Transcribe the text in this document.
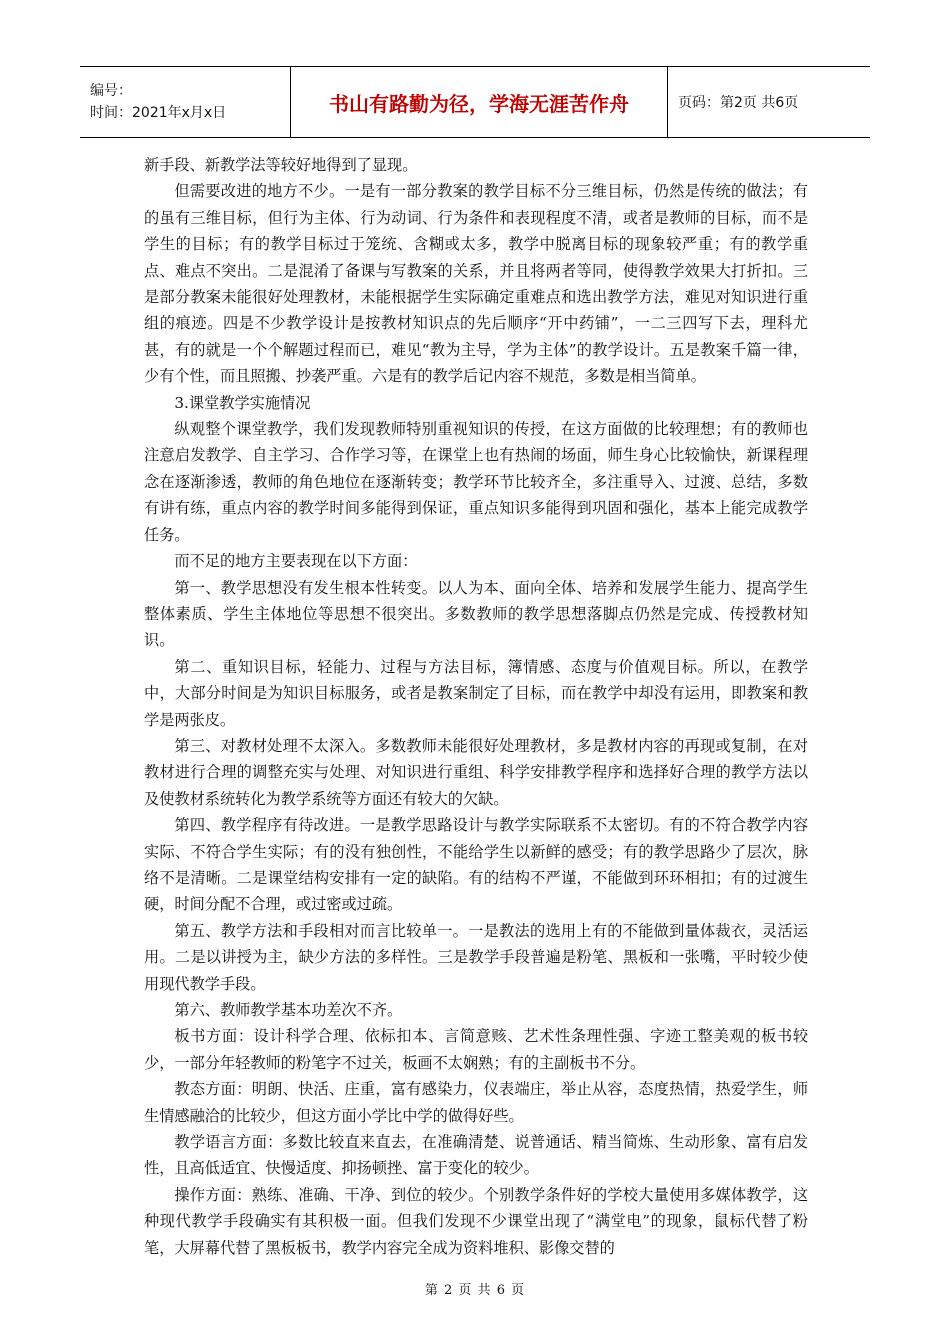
编号：
时间：2021年x月x日	书山有路勤为径，学海无涯苦作舟	页码：第2页 共6页

新手段、新教学法等较好地得到了显现。

但需要改进的地方不少。一是有一部分教案的教学目标不分三维目标，仍然是传统的做法；有的虽有三维目标，但行为主体、行为动词、行为条件和表现程度不清，或者是教师的目标，而不是学生的目标；有的教学目标过于笼统、含糊或太多，教学中脱离目标的现象较严重；有的教学重点、难点不突出。二是混淆了备课与写教案的关系，并且将两者等同，使得教学效果大打折扣。三是部分教案未能很好处理教材，未能根据学生实际确定重难点和选出教学方法，难见对知识进行重组的痕迹。四是不少教学设计是按教材知识点的先后顺序“开中药铺”，一二三四写下去，理科尤甚，有的就是一个个解题过程而已，难见“教为主导，学为主体”的教学设计。五是教案千篇一律，少有个性，而且照搬、抄袭严重。六是有的教学后记内容不规范，多数是相当简单。

3.课堂教学实施情况

纵观整个课堂教学，我们发现教师特别重视知识的传授，在这方面做的比较理想；有的教师也注意启发教学、自主学习、合作学习等，在课堂上也有热闹的场面，师生身心比较愉快，新课程理念在逐渐渗透，教师的角色地位在逐渐转变；教学环节比较齐全，多注重导入、过渡、总结，多数有讲有练，重点内容的教学时间多能得到保证，重点知识多能得到巩固和强化，基本上能完成教学任务。

而不足的地方主要表现在以下方面：

第一、教学思想没有发生根本性转变。以人为本、面向全体、培养和发展学生能力、提高学生整体素质、学生主体地位等思想不很突出。多数教师的教学思想落脚点仍然是完成、传授教材知识。

第二、重知识目标，轻能力、过程与方法目标，簿情感、态度与价值观目标。所以，在教学中，大部分时间是为知识目标服务，或者是教案制定了目标，而在教学中却没有运用，即教案和教学是两张皮。

第三、对教材处理不太深入。多数教师未能很好处理教材，多是教材内容的再现或复制，在对教材进行合理的调整充实与处理、对知识进行重组、科学安排教学程序和选择好合理的教学方法以及使教材系统转化为教学系统等方面还有较大的欠缺。

第四、教学程序有待改进。一是教学思路设计与教学实际联系不太密切。有的不符合教学内容实际、不符合学生实际；有的没有独创性，不能给学生以新鲜的感受；有的教学思路少了层次，脉络不是清晰。二是课堂结构安排有一定的缺陷。有的结构不严谨，不能做到环环相扣；有的过渡生硬，时间分配不合理，或过密或过疏。

第五、教学方法和手段相对而言比较单一。一是教法的选用上有的不能做到量体裁衣，灵活运用。二是以讲授为主，缺少方法的多样性。三是教学手段普遍是粉笔、黑板和一张嘴，平时较少使用现代教学手段。

第六、教师教学基本功差次不齐。

板书方面：设计科学合理、依标扣本、言简意赅、艺术性条理性强、字迹工整美观的板书较少，一部分年轻教师的粉笔字不过关，板画不太娴熟；有的主副板书不分。

教态方面：明朗、快活、庄重，富有感染力，仪表端庄，举止从容，态度热情，热爱学生，师生情感融洽的比较少，但这方面小学比中学的做得好些。

教学语言方面：多数比较直来直去，在准确清楚、说普通话、精当简炼、生动形象、富有启发性，且高低适宜、快慢适度、抑扬顿挫、富于变化的较少。

操作方面：熟练、准确、干净、到位的较少。个别教学条件好的学校大量使用多媒体教学，这种现代教学手段确实有其积极一面。但我们发现不少课堂出现了“满堂电”的现象，鼠标代替了粉笔，大屏幕代替了黑板板书，教学内容完全成为资料堆积、影像交替的

第 2 页 共 6 页
